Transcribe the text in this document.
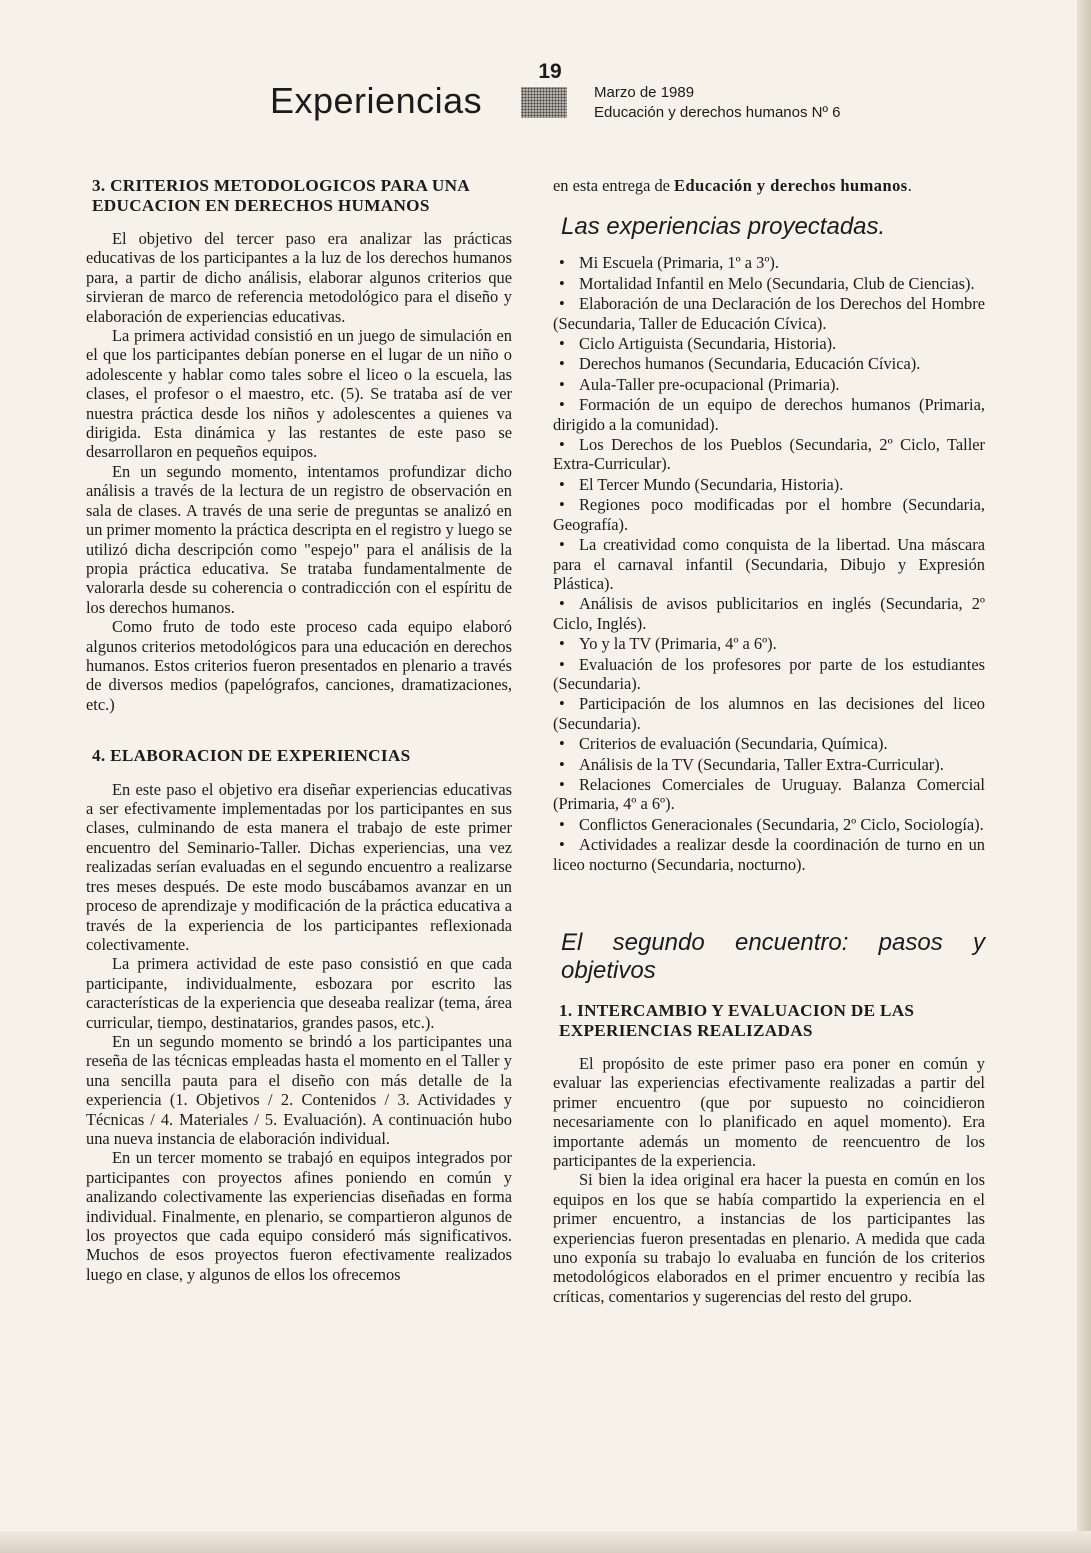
19
Experiencias	Marzo de 1989
Educación y derechos humanos Nº 6
3. CRITERIOS METODOLOGICOS PARA UNA EDUCACION EN DERECHOS HUMANOS

El objetivo del tercer paso era analizar las prácticas educativas de los participantes a la luz de los derechos humanos para, a partir de dicho análisis, elaborar algunos criterios que sirvieran de marco de referencia metodológico para el diseño y elaboración de experiencias educativas.

La primera actividad consistió en un juego de simulación en el que los participantes debían ponerse en el lugar de un niño o adolescente y hablar como tales sobre el liceo o la escuela, las clases, el profesor o el maestro, etc. (5). Se trataba así de ver nuestra práctica desde los niños y adolescentes a quienes va dirigida. Esta dinámica y las restantes de este paso se desarrollaron en pequeños equipos.

En un segundo momento, intentamos profundizar dicho análisis a través de la lectura de un registro de observación en sala de clases. A través de una serie de preguntas se analizó en un primer momento la práctica descripta en el registro y luego se utilizó dicha descripción como "espejo" para el análisis de la propia práctica educativa. Se trataba fundamentalmente de valorarla desde su coherencia o contradicción con el espíritu de los derechos humanos.

Como fruto de todo este proceso cada equipo elaboró algunos criterios metodológicos para una educación en derechos humanos. Estos criterios fueron presentados en plenario a través de diversos medios (papelógrafos, canciones, dramatizaciones, etc.)

4. ELABORACION DE EXPERIENCIAS

En este paso el objetivo era diseñar experiencias educativas a ser efectivamente implementadas por los participantes en sus clases, culminando de esta manera el trabajo de este primer encuentro del Seminario-Taller. Dichas experiencias, una vez realizadas serían evaluadas en el segundo encuentro a realizarse tres meses después. De este modo buscábamos avanzar en un proceso de aprendizaje y modificación de la práctica educativa a través de la experiencia de los participantes reflexionada colectivamente.

La primera actividad de este paso consistió en que cada participante, individualmente, esbozara por escrito las características de la experiencia que deseaba realizar (tema, área curricular, tiempo, destinatarios, grandes pasos, etc.).

En un segundo momento se brindó a los participantes una reseña de las técnicas empleadas hasta el momento en el Taller y una sencilla pauta para el diseño con más detalle de la experiencia (1. Objetivos / 2. Contenidos / 3. Actividades y Técnicas / 4. Materiales / 5. Evaluación). A continuación hubo una nueva instancia de elaboración individual.

En un tercer momento se trabajó en equipos integrados por participantes con proyectos afines poniendo en común y analizando colectivamente las experiencias diseñadas en forma individual. Finalmente, en plenario, se compartieron algunos de los proyectos que cada equipo consideró más significativos. Muchos de esos proyectos fueron efectivamente realizados luego en clase, y algunos de ellos los ofrecemos

en esta entrega de Educación y derechos humanos.

Las experiencias proyectadas.
• Mi Escuela (Primaria, 1º a 3º).
• Mortalidad Infantil en Melo (Secundaria, Club de Ciencias).
• Elaboración de una Declaración de los Derechos del Hombre (Secundaria, Taller de Educación Cívica).
• Ciclo Artiguista (Secundaria, Historia).
• Derechos humanos (Secundaria, Educación Cívica).
• Aula-Taller pre-ocupacional (Primaria).
• Formación de un equipo de derechos humanos (Primaria, dirigido a la comunidad).
• Los Derechos de los Pueblos (Secundaria, 2º Ciclo, Taller Extra-Curricular).
• El Tercer Mundo (Secundaria, Historia).
• Regiones poco modificadas por el hombre (Secundaria, Geografía).
• La creatividad como conquista de la libertad. Una máscara para el carnaval infantil (Secundaria, Dibujo y Expresión Plástica).
• Análisis de avisos publicitarios en inglés (Secundaria, 2º Ciclo, Inglés).
• Yo y la TV (Primaria, 4º a 6º).
• Evaluación de los profesores por parte de los estudiantes (Secundaria).
• Participación de los alumnos en las decisiones del liceo (Secundaria).
• Criterios de evaluación (Secundaria, Química).
• Análisis de la TV (Secundaria, Taller Extra-Curricular).
• Relaciones Comerciales de Uruguay. Balanza Comercial (Primaria, 4º a 6º).
• Conflictos Generacionales (Secundaria, 2º Ciclo, Sociología).
• Actividades a realizar desde la coordinación de turno en un liceo nocturno (Secundaria, nocturno).
El segundo encuentro: pasos y objetivos
1. INTERCAMBIO Y EVALUACION DE LAS EXPERIENCIAS REALIZADAS

El propósito de este primer paso era poner en común y evaluar las experiencias efectivamente realizadas a partir del primer encuentro (que por supuesto no coincidieron necesariamente con lo planificado en aquel momento). Era importante además un momento de reencuentro de los participantes de la experiencia.

Si bien la idea original era hacer la puesta en común en los equipos en los que se había compartido la experiencia en el primer encuentro, a instancias de los participantes las experiencias fueron presentadas en plenario. A medida que cada uno exponía su trabajo lo evaluaba en función de los criterios metodológicos elaborados en el primer encuentro y recibía las críticas, comentarios y sugerencias del resto del grupo.
